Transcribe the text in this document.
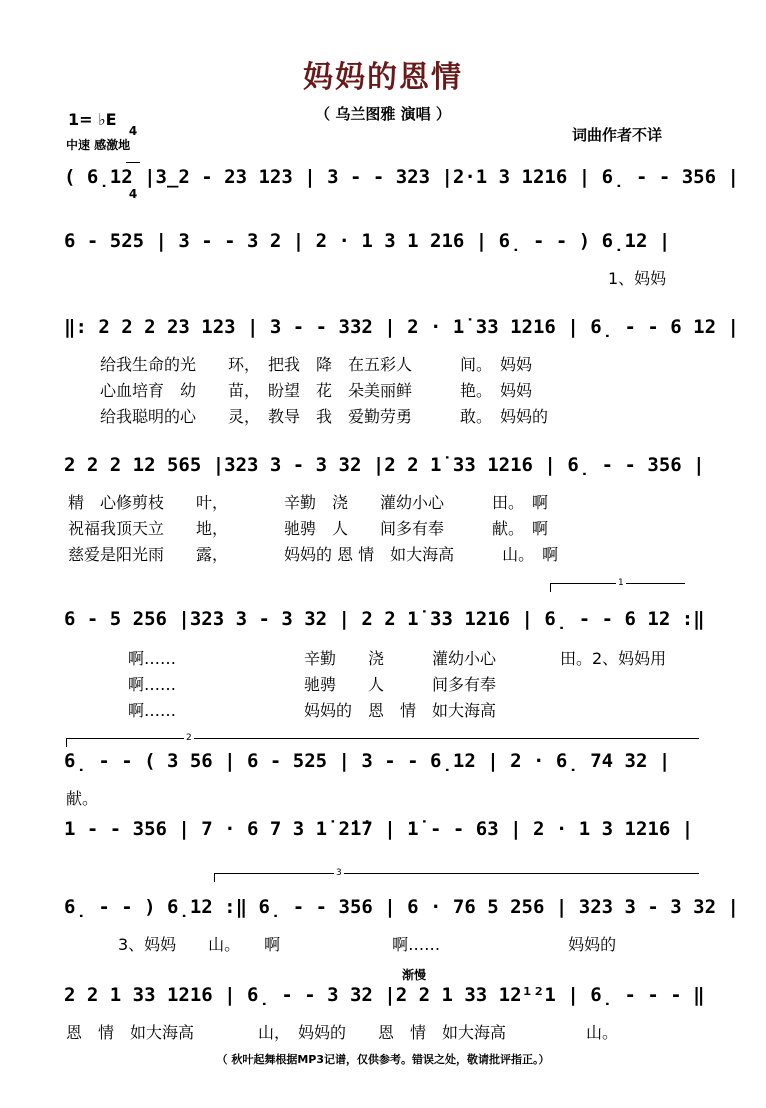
妈妈的恩情
（ 乌兰图雅 演唱 ）
1= ♭E

4

4

中速 感激地
词曲作者不详
( 6̣12 |3̲2 - 23 123 | 3 - - 323 |2·1 3 1216 | 6̣ - - 356 |
6 - 525 | 3 - - 3 2 | 2 · 1 3 1 216 | 6̣ - - ) 6̣12 |
1、妈妈
‖: 2 2 2 23 123 | 3 - - 332 | 2 · 1̇ 33 1216 | 6̣ - - 6 12 |
给我生命的光　　环，　把我　降　在五彩人　　　间。　妈妈
心血培育　幼　　苗，　盼望　花　朵美丽鲜　　　艳。　妈妈
给我聪明的心　　灵，　教导　我　爱勤劳勇　　　敢。　妈妈的
2 2 2 12 565 |323 3 - 3 32 |2 2 1̇ 33 1216 | 6̣ - - 356 |
精　心修剪枝　　叶，　　　　辛勤　浇　　灌幼小心　　　田。　啊
祝福我顶天立　　地，　　　　驰骋　人　　间多有奉　　　献。　啊
慈爱是阳光雨　　露，　　　　妈妈的 恩 情　如大海高　　　山。　啊
1
6 - 5 256 |323 3 - 3 32 | 2 2 1̇ 33 1216 | 6̣ - - 6 12 :‖
啊……　　　　　　　　辛勤　　浇　　　灌幼小心　　　　田。2、妈妈用
啊……　　　　　　　　驰骋　　人　　　间多有奉
啊……　　　　　　　　妈妈的　恩　情　如大海高
2
6̣ - - ( 3 56 | 6 - 525 | 3 - - 6̣12 | 2 · 6̣ 74 32 |
献。
1 - - 356 | 7 · 6 7 3 1̇ 2̇1̇7 | 1̇ - - 63 | 2 · 1 3 1216 |
3
6̣ - - ) 6̣12 :‖ 6̣ - - 356 | 6 · 76 5 256 | 323 3 - 3 32 |
3、妈妈　　山。　　啊　　　　　　　啊……　　　　　　　　妈妈的
渐慢
2 2 1 33 1216 | 6̣ - - 3 32 |2 2 1 33 12¹²1 | 6̣ - - - ‖
恩　情　如大海高　　　　山，　妈妈的　　恩　情　如大海高　　　　　山。
（ 秋叶起舞根据MP3记谱，仅供参考。错误之处，敬请批评指正。）
